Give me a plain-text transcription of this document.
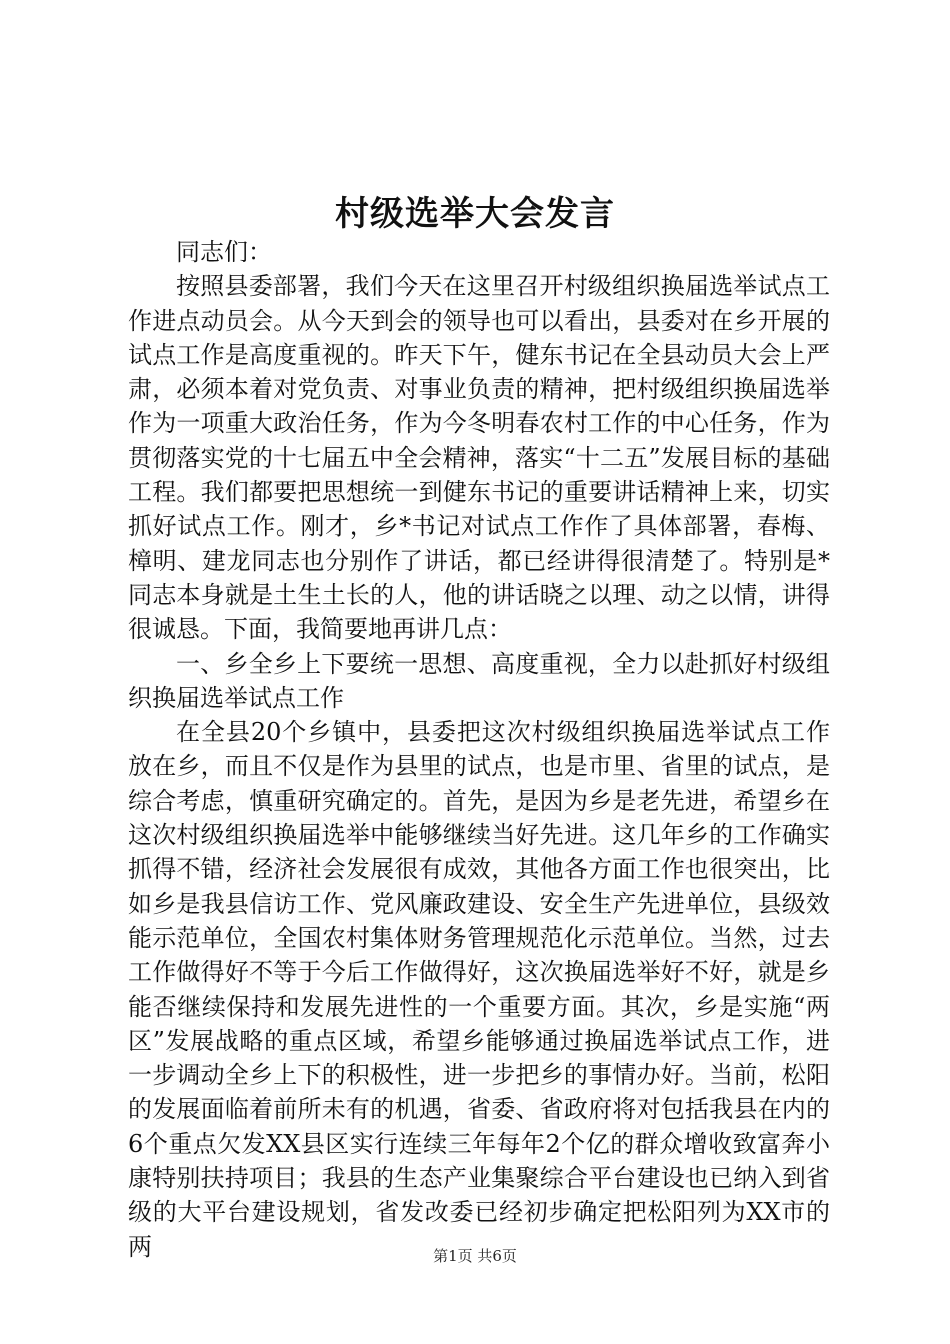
村级选举大会发言

同志们：

按照县委部署，我们今天在这里召开村级组织换届选举试点工作进点动员会。从今天到会的领导也可以看出，县委对在乡开展的试点工作是高度重视的。昨天下午，健东书记在全县动员大会上严肃，必须本着对党负责、对事业负责的精神，把村级组织换届选举作为一项重大政治任务，作为今冬明春农村工作的中心任务，作为贯彻落实党的十七届五中全会精神，落实“十二五”发展目标的基础工程。我们都要把思想统一到健东书记的重要讲话精神上来，切实抓好试点工作。刚才，乡*书记对试点工作作了具体部署，春梅、樟明、建龙同志也分别作了讲话，都已经讲得很清楚了。特别是*同志本身就是土生土长的人，他的讲话晓之以理、动之以情，讲得很诚恳。下面，我简要地再讲几点：

一、乡全乡上下要统一思想、高度重视，全力以赴抓好村级组织换届选举试点工作

在全县20个乡镇中，县委把这次村级组织换届选举试点工作放在乡，而且不仅是作为县里的试点，也是市里、省里的试点，是综合考虑，慎重研究确定的。首先，是因为乡是老先进，希望乡在这次村级组织换届选举中能够继续当好先进。这几年乡的工作确实抓得不错，经济社会发展很有成效，其他各方面工作也很突出，比如乡是我县信访工作、党风廉政建设、安全生产先进单位，县级效能示范单位，全国农村集体财务管理规范化示范单位。当然，过去工作做得好不等于今后工作做得好，这次换届选举好不好，就是乡能否继续保持和发展先进性的一个重要方面。其次，乡是实施“两区”发展战略的重点区域，希望乡能够通过换届选举试点工作，进一步调动全乡上下的积极性，进一步把乡的事情办好。当前，松阳的发展面临着前所未有的机遇，省委、省政府将对包括我县在内的6个重点欠发XX县区实行连续三年每年2个亿的群众增收致富奔小康特别扶持项目；我县的生态产业集聚综合平台建设也已纳入到省级的大平台建设规划，省发改委已经初步确定把松阳列为XX市的两	第1页 共6页
